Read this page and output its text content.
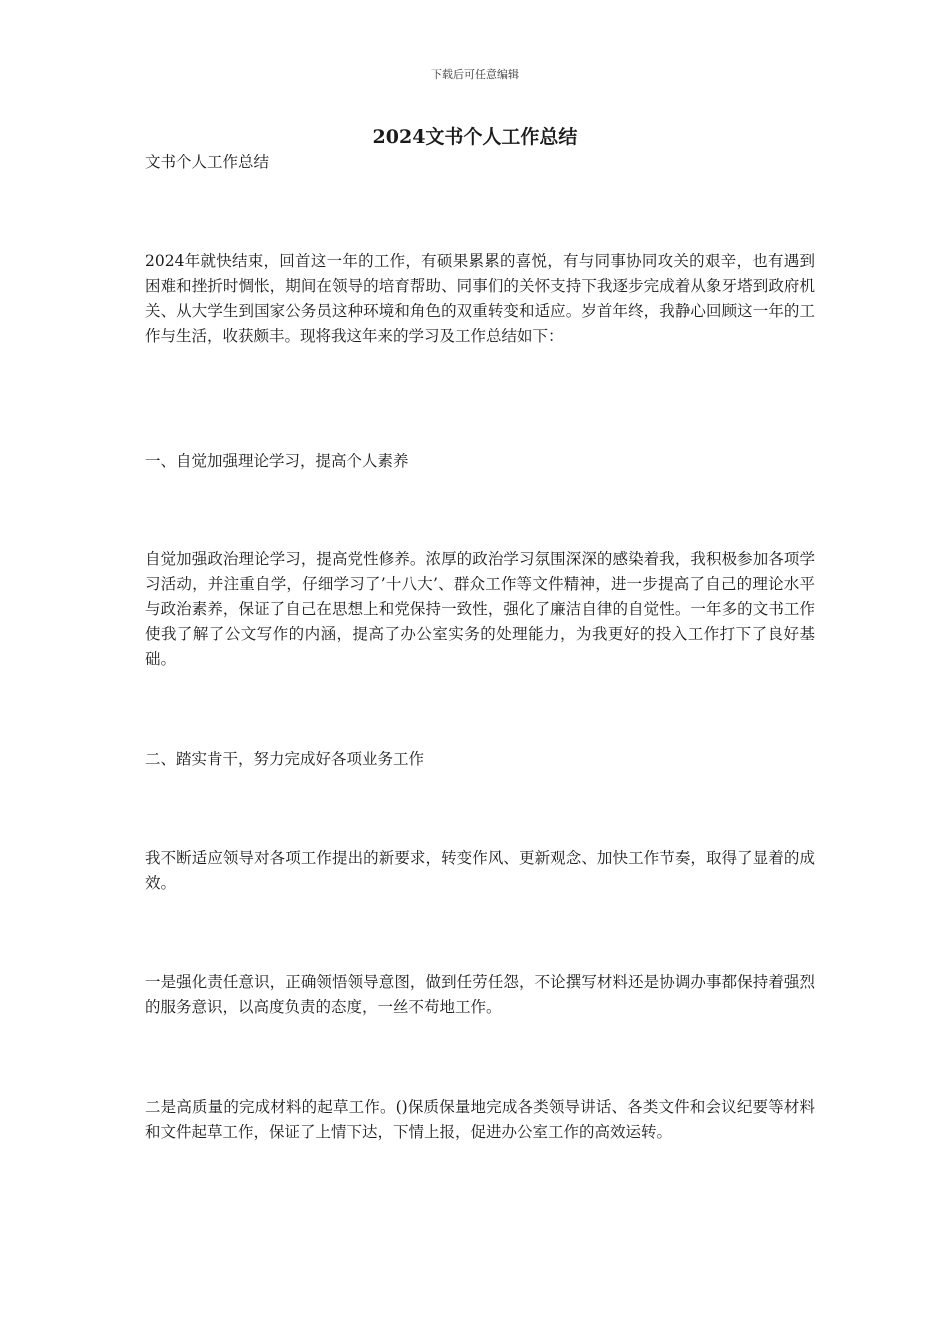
下载后可任意编辑
2024文书个人工作总结

文书个人工作总结

2024年就快结束，回首这一年的工作，有硕果累累的喜悦，有与同事协同攻关的艰辛，也有遇到困难和挫折时惆怅，期间在领导的培育帮助、同事们的关怀支持下我逐步完成着从象牙塔到政府机关、从大学生到国家公务员这种环境和角色的双重转变和适应。岁首年终，我静心回顾这一年的工作与生活，收获颇丰。现将我这年来的学习及工作总结如下：

一、自觉加强理论学习，提高个人素养

自觉加强政治理论学习，提高党性修养。浓厚的政治学习氛围深深的感染着我，我积极参加各项学习活动，并注重自学，仔细学习了’十八大’、群众工作等文件精神，进一步提高了自己的理论水平与政治素养，保证了自己在思想上和党保持一致性，强化了廉洁自律的自觉性。一年多的文书工作使我了解了公文写作的内涵，提高了办公室实务的处理能力，为我更好的投入工作打下了良好基础。

二、踏实肯干，努力完成好各项业务工作

我不断适应领导对各项工作提出的新要求，转变作风、更新观念、加快工作节奏，取得了显着的成效。

一是强化责任意识，正确领悟领导意图，做到任劳任怨，不论撰写材料还是协调办事都保持着强烈的服务意识，以高度负责的态度，一丝不苟地工作。

二是高质量的完成材料的起草工作。()保质保量地完成各类领导讲话、各类文件和会议纪要等材料和文件起草工作，保证了上情下达，下情上报，促进办公室工作的高效运转。
